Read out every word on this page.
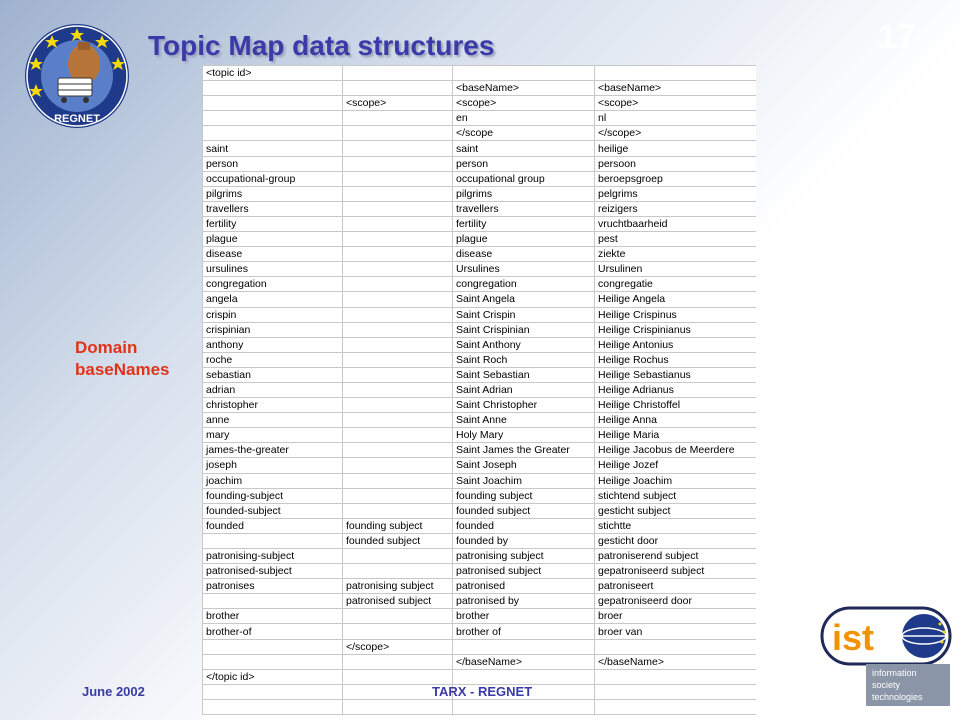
REGNET
Topic Map data structures	17
Domain
baseNames
<topic id>			
		<baseName>	<baseName>
	<scope>	<scope>	<scope>
		en	nl
		</scope	</scope>
saint		saint	heilige
person		person	persoon
occupational-group		occupational group	beroepsgroep
pilgrims		pilgrims	pelgrims
travellers		travellers	reizigers
fertility		fertility	vruchtbaarheid
plague		plague	pest
disease		disease	ziekte
ursulines		Ursulines	Ursulinen
congregation		congregation	congregatie
angela		Saint Angela	Heilige Angela
crispin		Saint Crispin	Heilige Crispinus
crispinian		Saint Crispinian	Heilige Crispinianus
anthony		Saint Anthony	Heilige Antonius
roche		Saint Roch	Heilige Rochus
sebastian		Saint Sebastian	Heilige Sebastianus
adrian		Saint Adrian	Heilige Adrianus
christopher		Saint Christopher	Heilige Christoffel
anne		Saint Anne	Heilige Anna
mary		Holy Mary	Heilige Maria
james-the-greater		Saint James the Greater	Heilige Jacobus de Meerdere
joseph		Saint Joseph	Heilige Jozef
joachim		Saint Joachim	Heilige Joachim
founding-subject		founding subject	stichtend subject
founded-subject		founded subject	gesticht subject
founded	founding subject	founded	stichtte
	founded subject	founded by	gesticht door
patronising-subject		patronising subject	patroniserend subject
patronised-subject		patronised subject	gepatroniseerd subject
patronises	patronising subject	patronised	patroniseert
	patronised subject	patronised by	gepatroniseerd door
brother		brother	broer
brother-of		brother of	broer van
	</scope>		
		</baseName>	</baseName>
</topic id>			

June 2002	TARX - REGNET
ist
information
society
technologies
